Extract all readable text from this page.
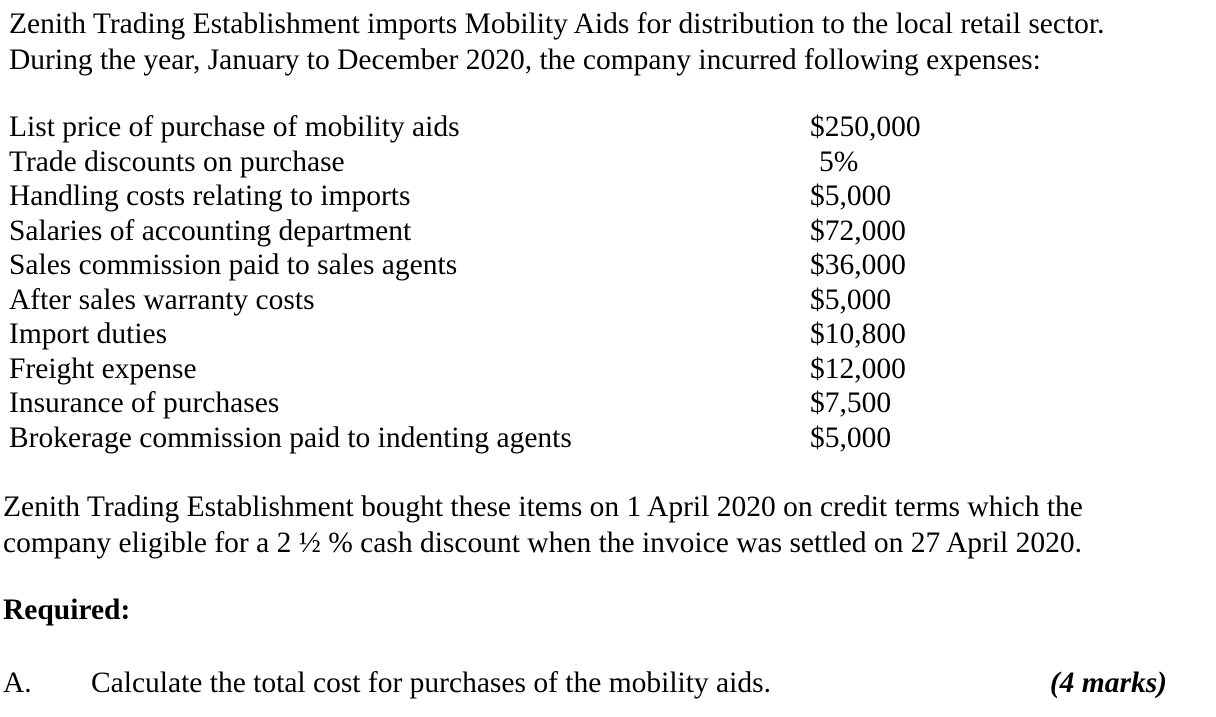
Zenith Trading Establishment imports Mobility Aids for distribution to the local retail sector.
During the year, January to December 2020, the company incurred following expenses:
List price of purchase of mobility aids	$250,000
Trade discounts on purchase	5%
Handling costs relating to imports	$5,000
Salaries of accounting department	$72,000
Sales commission paid to sales agents	$36,000
After sales warranty costs	$5,000
Import duties	$10,800
Freight expense	$12,000
Insurance of purchases	$7,500
Brokerage commission paid to indenting agents	$5,000
Zenith Trading Establishment bought these items on 1 April 2020 on credit terms which the
company eligible for a 2 ½ % cash discount when the invoice was settled on 27 April 2020.
Required:
A. Calculate the total cost for purchases of the mobility aids.	(4 marks)
